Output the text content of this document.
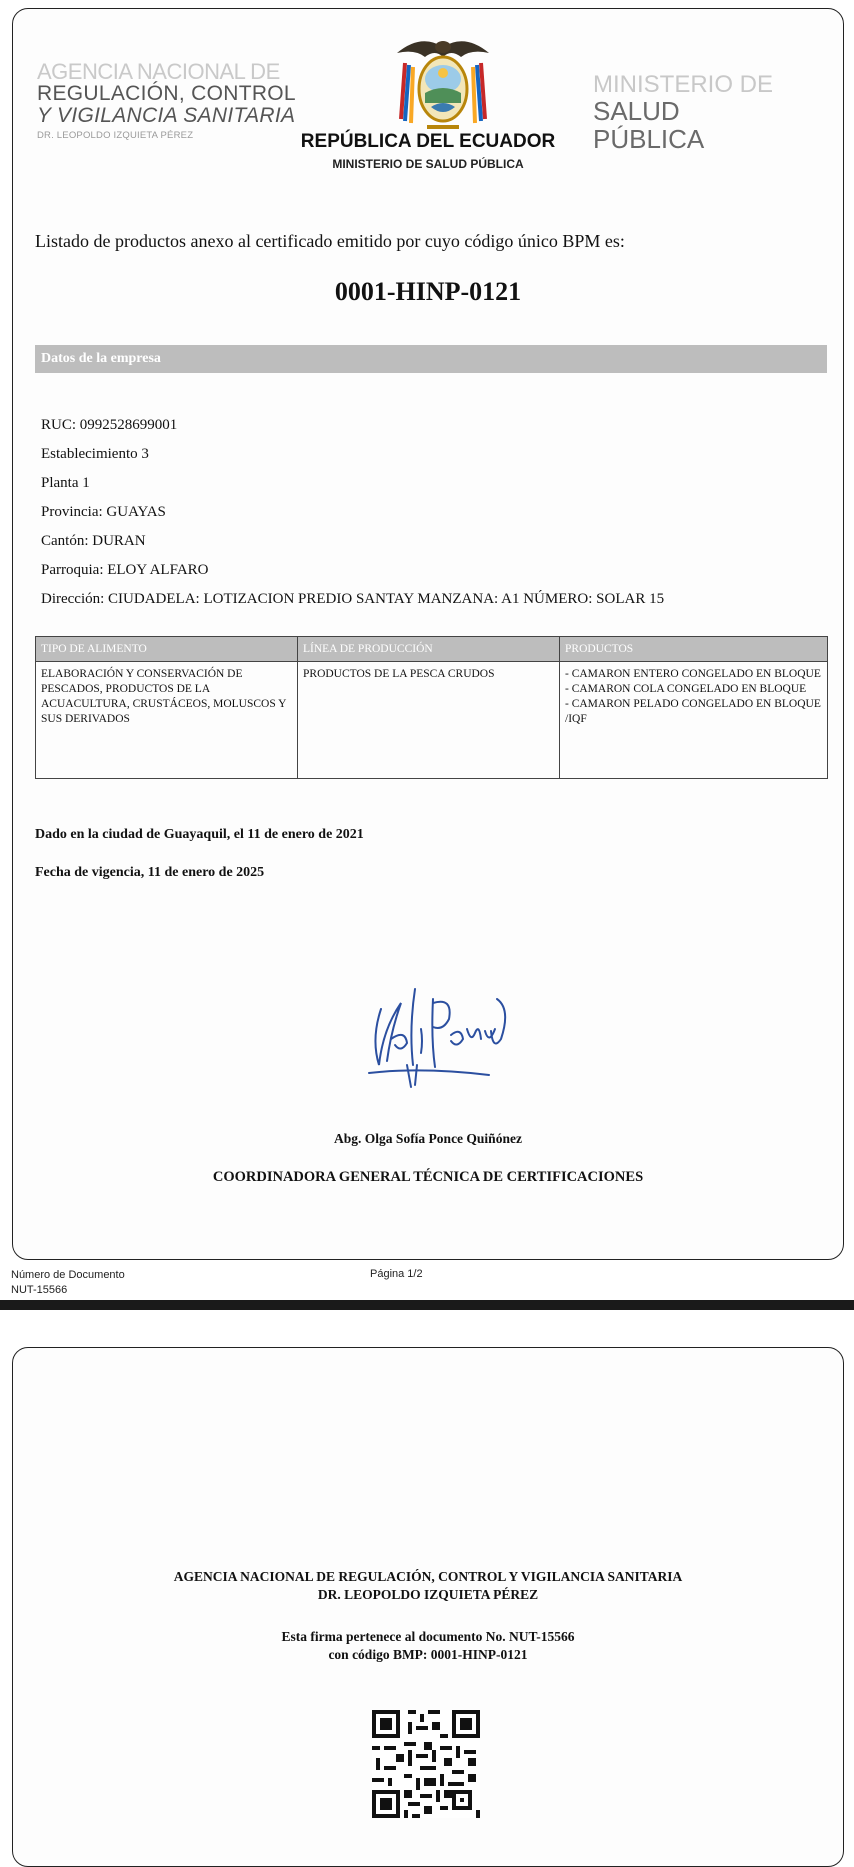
AGENCIA NACIONAL DE
REGULACIÓN, CONTROL
Y VIGILANCIA SANITARIA
DR. LEOPOLDO IZQUIETA PÉREZ
MINISTERIO DE
SALUD PÚBLICA
REPÚBLICA DEL ECUADOR
MINISTERIO DE SALUD PÚBLICA
Listado de productos anexo al certificado emitido por cuyo código único BPM es:
0001-HINP-0121
Datos de la empresa
RUC: 0992528699001
Establecimiento 3
Planta 1
Provincia: GUAYAS
Cantón: DURAN
Parroquia: ELOY ALFARO
Dirección: CIUDADELA: LOTIZACION PREDIO SANTAY MANZANA: A1 NÚMERO: SOLAR 15
TIPO DE ALIMENTO	LÍNEA DE PRODUCCIÓN	PRODUCTOS
ELABORACIÓN Y CONSERVACIÓN DE PESCADOS, PRODUCTOS DE LA ACUACULTURA, CRUSTÁCEOS, MOLUSCOS Y SUS DERIVADOS	PRODUCTOS DE LA PESCA CRUDOS	- CAMARON ENTERO CONGELADO EN BLOQUE
- CAMARON COLA CONGELADO EN BLOQUE
- CAMARON PELADO CONGELADO EN BLOQUE /IQF
Dado en la ciudad de Guayaquil, el 11 de enero de 2021
Fecha de vigencia, 11 de enero de 2025
Abg. Olga Sofía Ponce Quiñónez
COORDINADORA GENERAL TÉCNICA DE CERTIFICACIONES
Número de Documento
NUT-15566
Página 1/2
AGENCIA NACIONAL DE REGULACIÓN, CONTROL Y VIGILANCIA SANITARIA
DR. LEOPOLDO IZQUIETA PÉREZ
Esta firma pertenece al documento No. NUT-15566
con código BMP: 0001-HINP-0121
